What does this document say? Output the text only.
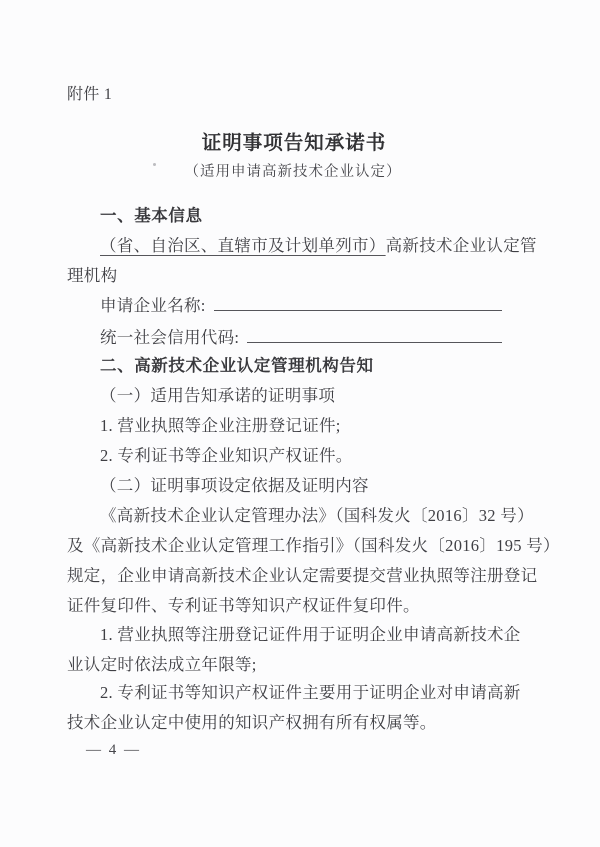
附件 1
证明事项告知承诺书
（适用申请高新技术企业认定）
一、基本信息
（省、自治区、直辖市及计划单列市）高新技术企业认定管
理机构
申请企业名称:
统一社会信用代码:
二、高新技术企业认定管理机构告知
（一）适用告知承诺的证明事项
1. 营业执照等企业注册登记证件;
2. 专利证书等企业知识产权证件。
（二）证明事项设定依据及证明内容
《高新技术企业认定管理办法》（国科发火〔2016〕32 号）
及《高新技术企业认定管理工作指引》（国科发火〔2016〕195 号）
规定，企业申请高新技术企业认定需要提交营业执照等注册登记
证件复印件、专利证书等知识产权证件复印件。
1. 营业执照等注册登记证件用于证明企业申请高新技术企
业认定时依法成立年限等;
2. 专利证书等知识产权证件主要用于证明企业对申请高新
技术企业认定中使用的知识产权拥有所有权属等。
— 4 —
